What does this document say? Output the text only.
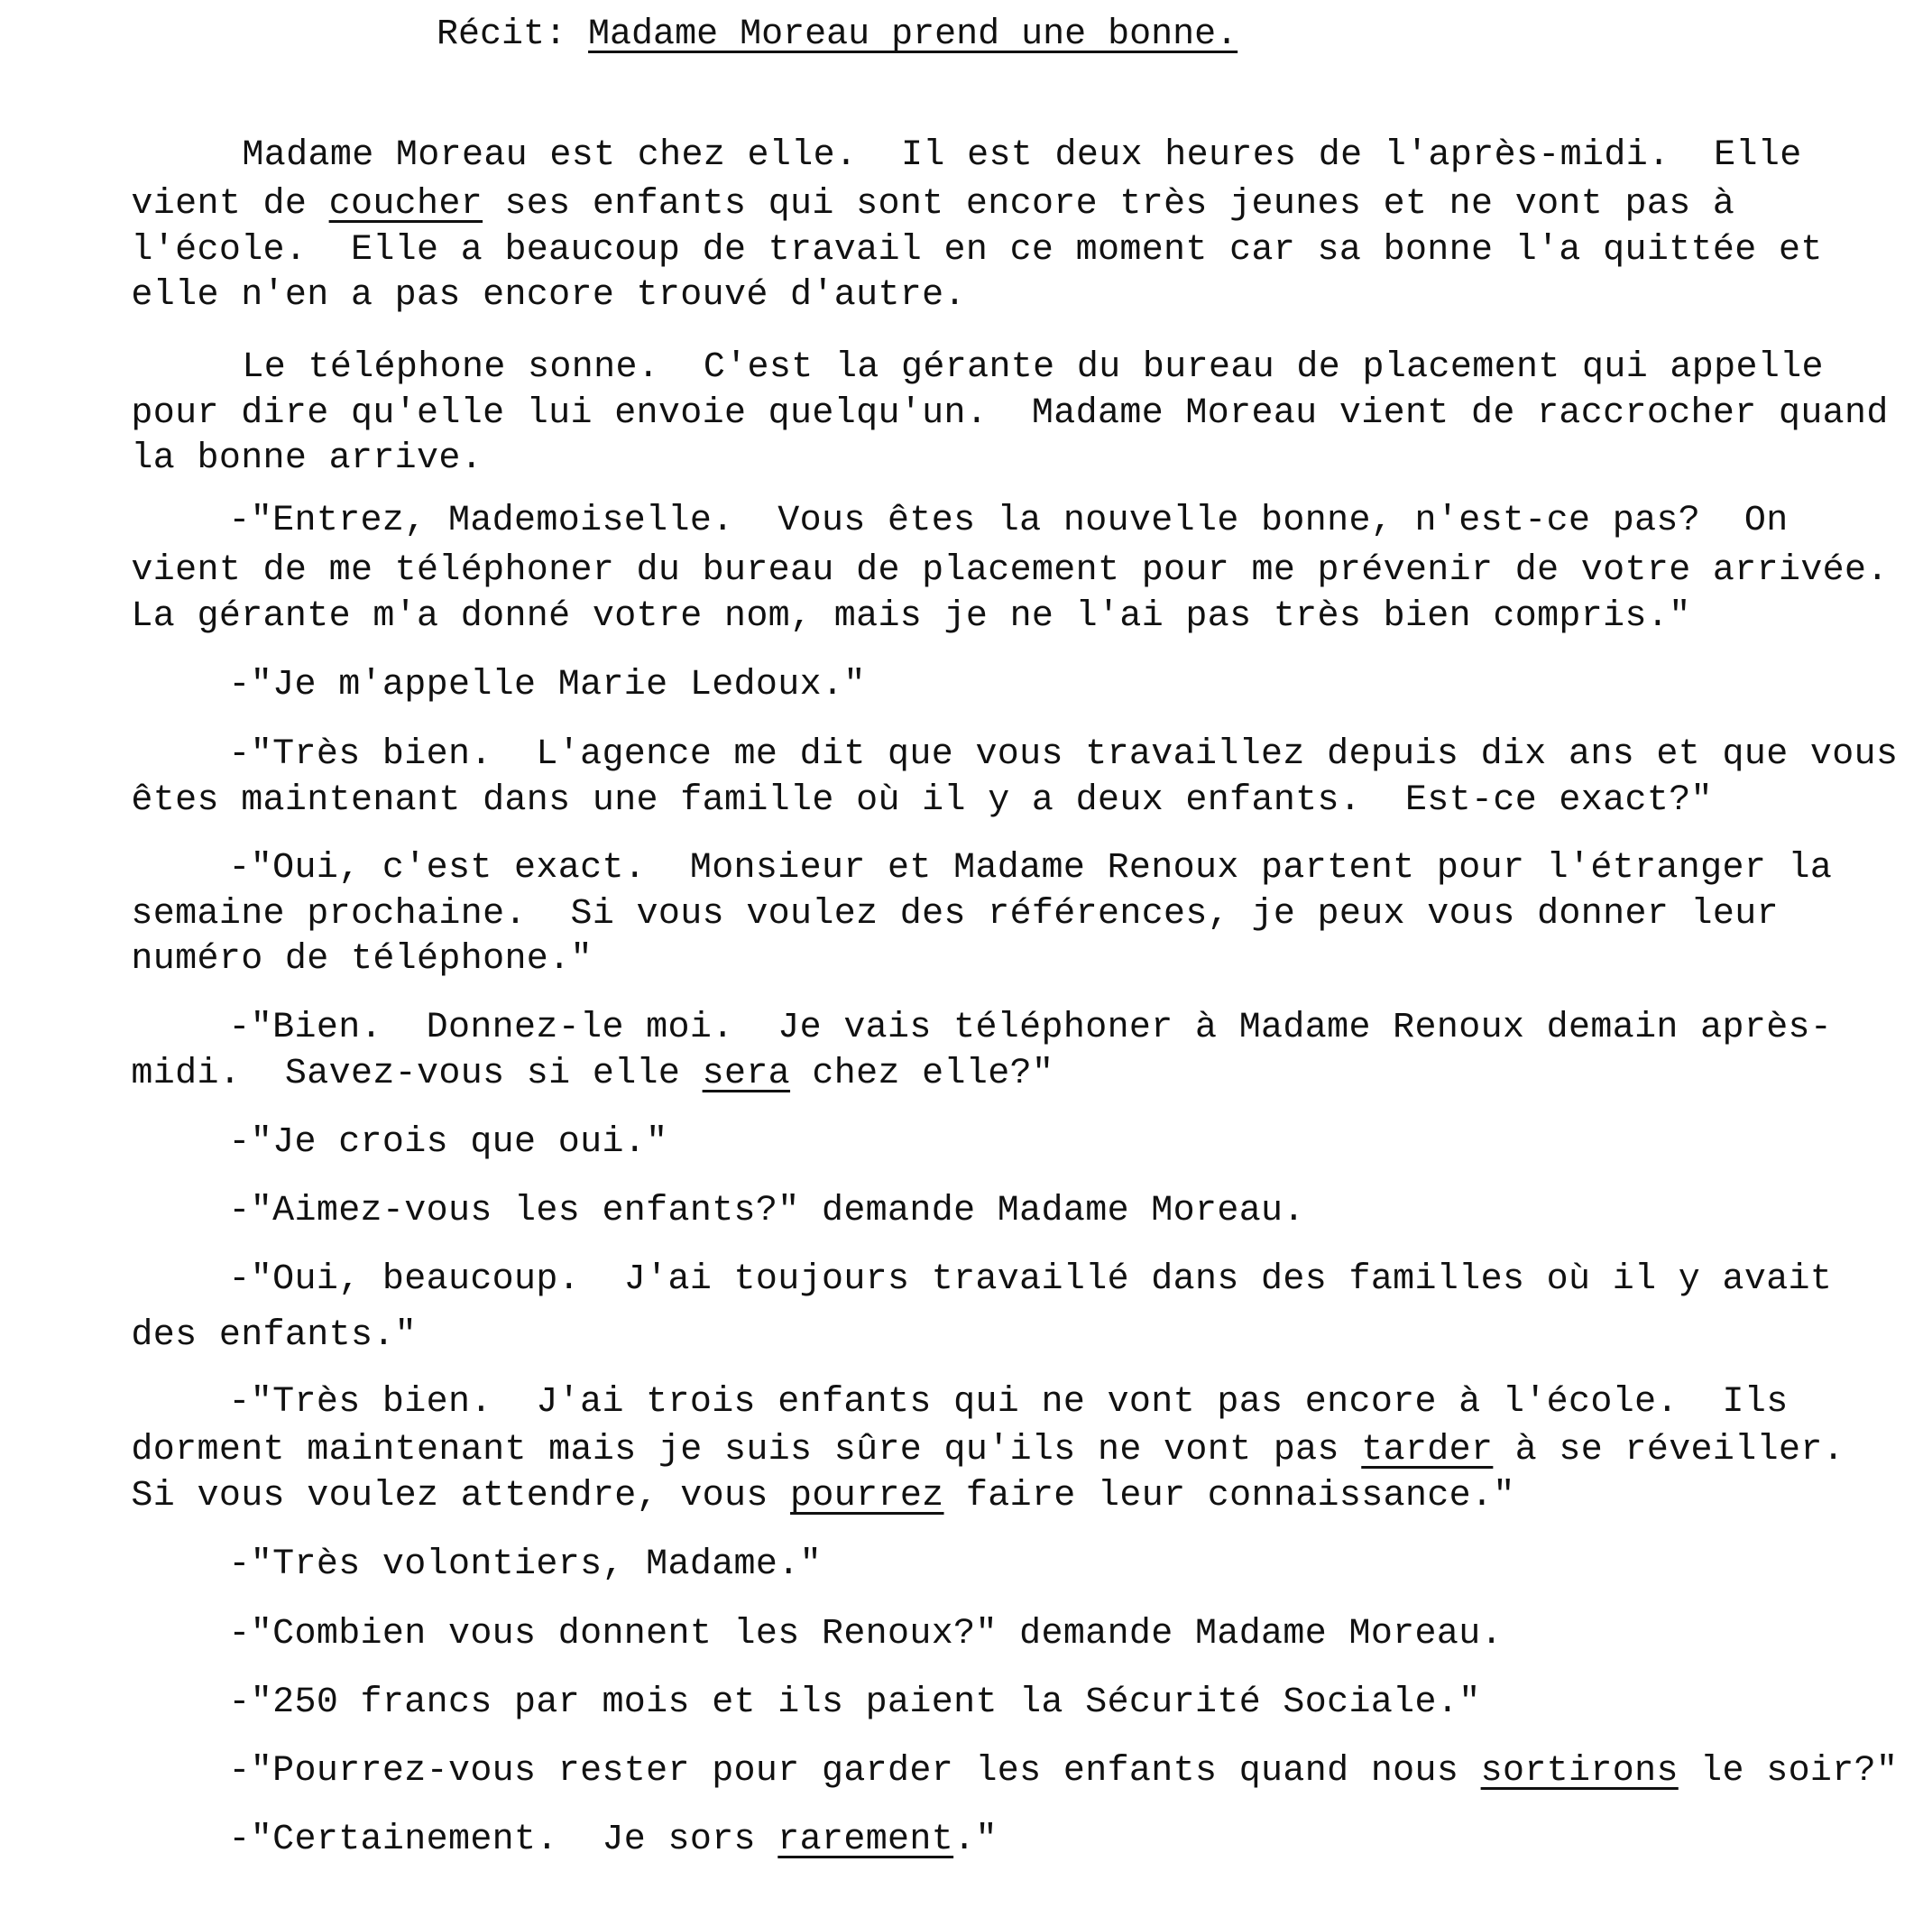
Récit: Madame Moreau prend une bonne.

Madame Moreau est chez elle.  Il est deux heures de l'après-midi.  Elle

vient de coucher ses enfants qui sont encore très jeunes et ne vont pas à

l'école.  Elle a beaucoup de travail en ce moment car sa bonne l'a quittée et

elle n'en a pas encore trouvé d'autre.

Le téléphone sonne.  C'est la gérante du bureau de placement qui appelle

pour dire qu'elle lui envoie quelqu'un.  Madame Moreau vient de raccrocher quand

la bonne arrive.

-"Entrez, Mademoiselle.  Vous êtes la nouvelle bonne, n'est-ce pas?  On

vient de me téléphoner du bureau de placement pour me prévenir de votre arrivée.

La gérante m'a donné votre nom, mais je ne l'ai pas très bien compris."

-"Je m'appelle Marie Ledoux."

-"Très bien.  L'agence me dit que vous travaillez depuis dix ans et que vous

êtes maintenant dans une famille où il y a deux enfants.  Est-ce exact?"

-"Oui, c'est exact.  Monsieur et Madame Renoux partent pour l'étranger la

semaine prochaine.  Si vous voulez des références, je peux vous donner leur

numéro de téléphone."

-"Bien.  Donnez-le moi.  Je vais téléphoner à Madame Renoux demain après-

midi.  Savez-vous si elle sera chez elle?"

-"Je crois que oui."

-"Aimez-vous les enfants?" demande Madame Moreau.

-"Oui, beaucoup.  J'ai toujours travaillé dans des familles où il y avait

des enfants."

-"Très bien.  J'ai trois enfants qui ne vont pas encore à l'école.  Ils

dorment maintenant mais je suis sûre qu'ils ne vont pas tarder à se réveiller.

Si vous voulez attendre, vous pourrez faire leur connaissance."

-"Très volontiers, Madame."

-"Combien vous donnent les Renoux?" demande Madame Moreau.

-"250 francs par mois et ils paient la Sécurité Sociale."

-"Pourrez-vous rester pour garder les enfants quand nous sortirons le soir?"

-"Certainement.  Je sors rarement."
